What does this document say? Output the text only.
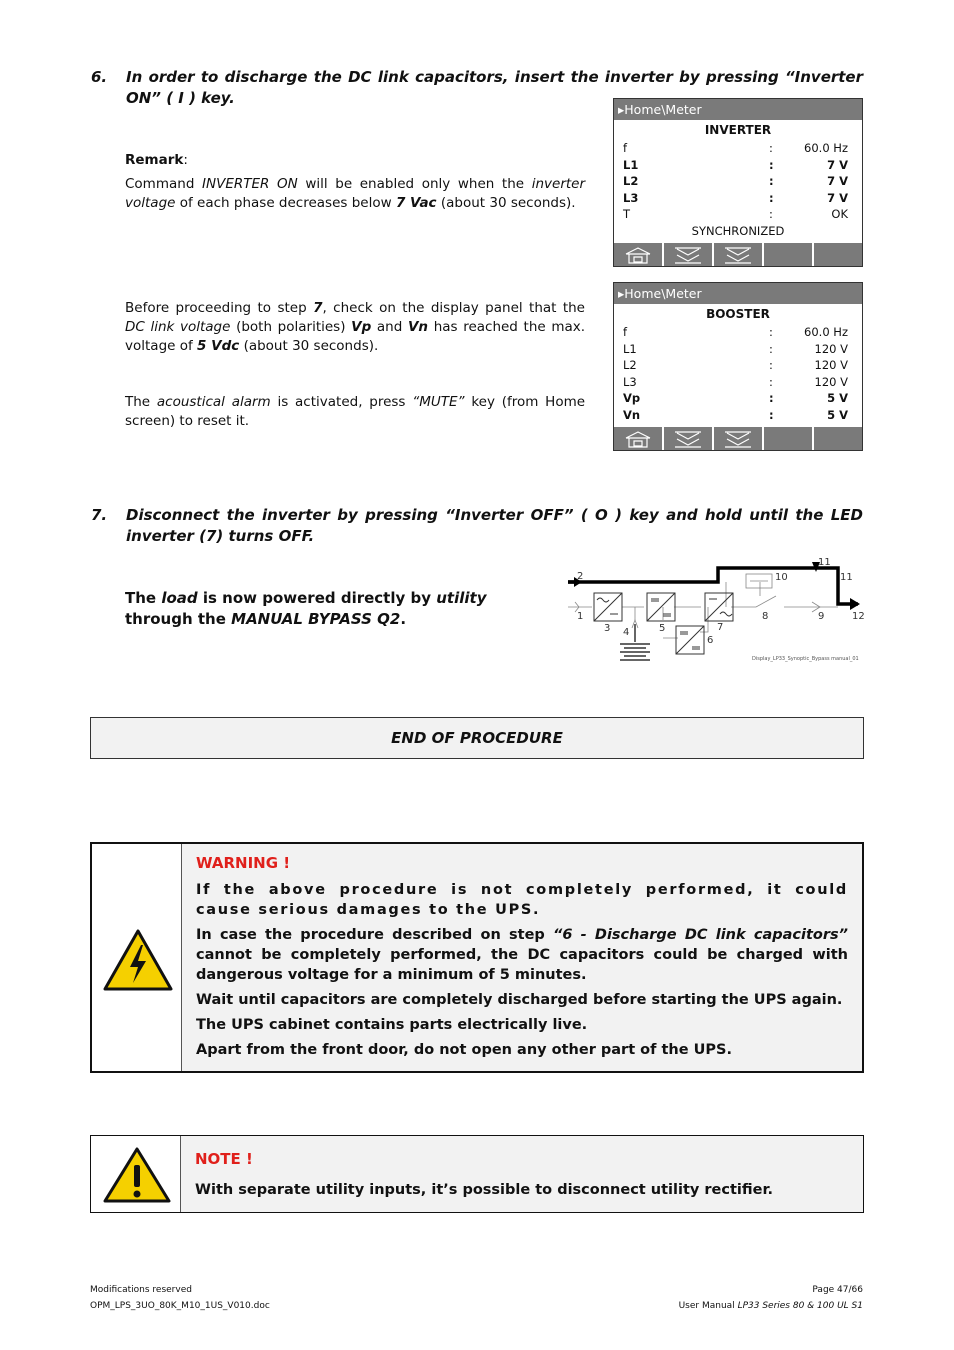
6. In order to discharge the DC link capacitors, insert the inverter by pressing “Inverter ON” ( I ) key.
Remark:
Command INVERTER ON will be enabled only when the inverter voltage of each phase decreases below 7 Vac (about 30 seconds).
Before proceeding to step 7, check on the display panel that the DC link voltage (both polarities) Vp and Vn has reached the max. voltage of 5 Vdc (about 30 seconds).
The acoustical alarm is activated, press “MUTE” key (from Home screen) to reset it.
▸Home\Meter
INVERTER
f	:	60.0 Hz
L1	:	7 V
L2	:	7 V
L3	:	7 V
T	:	OK
SYNCHRONIZED
▸Home\Meter
BOOSTER
f	:	60.0 Hz
L1	:	120 V
L2	:	120 V
L3	:	120 V
Vp	:	5 V
Vn	:	5 V
7. Disconnect the inverter by pressing “Inverter OFF” ( O ) key and hold until the LED inverter (7) turns OFF.
The load is now powered directly by utility through the MANUAL BYPASS Q2.	1
2
3 4	5
6
7
8	9
10
11
11
12
Display_LP33_Synoptic_Bypass manual_01
END OF PROCEDURE
WARNING !
If the above procedure is not completely performed, it could cause serious damages to the UPS.
In case the procedure described on step “6 - Discharge DC link capacitors” cannot be completely performed, the DC capacitors could be charged with dangerous voltage for a minimum of 5 minutes.
Wait until capacitors are completely discharged before starting the UPS again.
The UPS cabinet contains parts electrically live.
Apart from the front door, do not open any other part of the UPS.
NOTE !
With separate utility inputs, it’s possible to disconnect utility rectifier.
Modifications reserved
OPM_LPS_3UO_80K_M10_1US_V010.doc
Page 47/66
User Manual LP33 Series 80 & 100 UL S1
